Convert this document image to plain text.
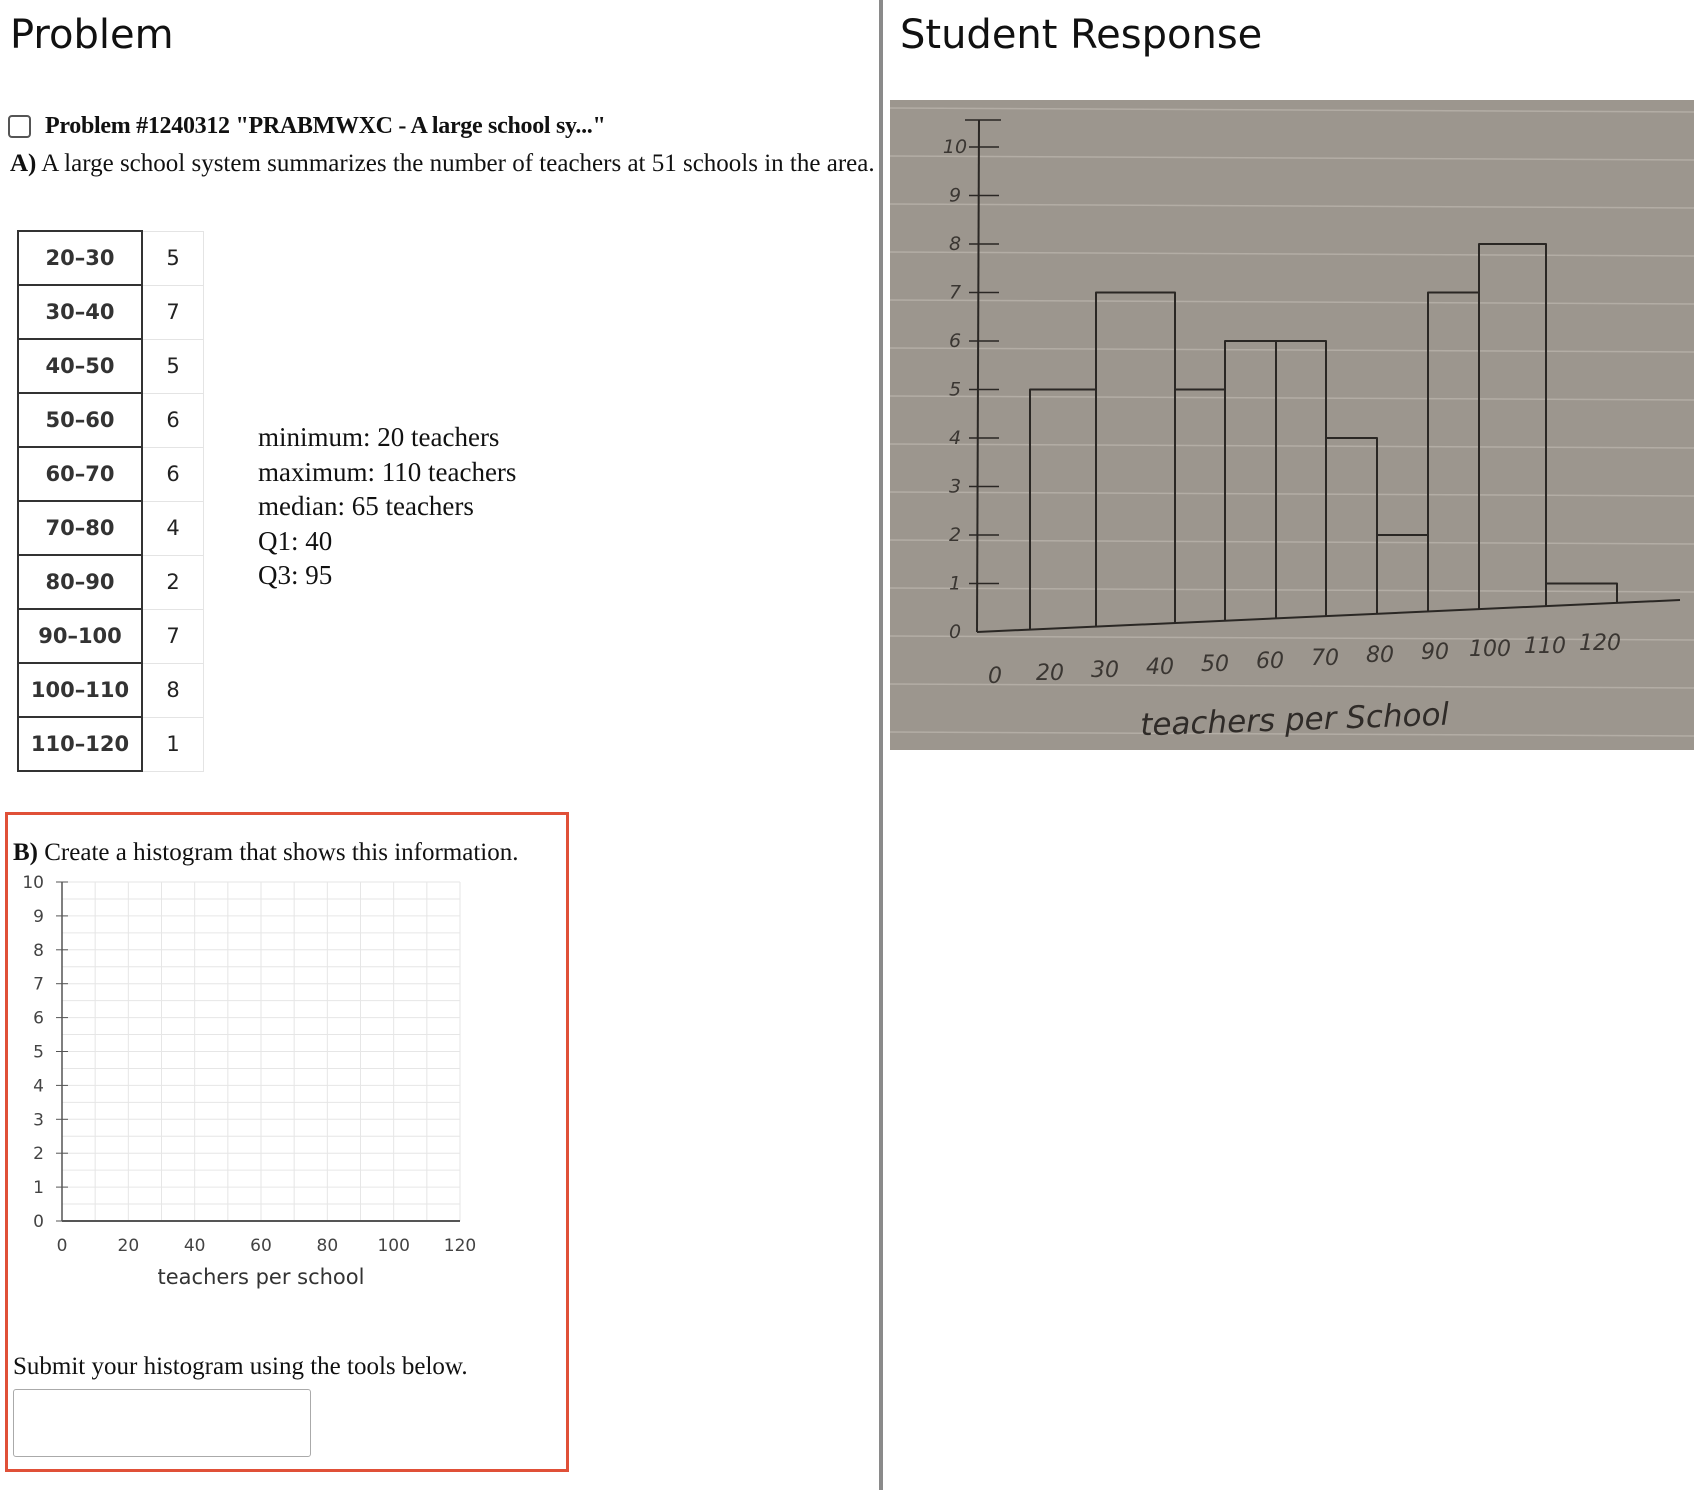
Problem
Problem #1240312 "PRABMWXC - A large school sy..."
A) A large school system summarizes the number of teachers at 51 schools in the area.
20–30	5
30–40	7
40–50	5
50–60	6
60–70	6
70–80	4
80–90	2
90–100	7
100–110	8
110–120	1
minimum: 20 teachers
maximum: 110 teachers
median: 65 teachers
Q1: 40
Q3: 95
B) Create a histogram that shows this information.
0
1
2
3
4
5
6
7
8
9
10
0	20	40	60	80 100 120
teachers per school
Submit your histogram using the tools below.
Student Response
0
1
2
3
4
5
6
7
8
9
10
0 20 30 40 50 60 70 80 90 100 110 120
teachers per School
